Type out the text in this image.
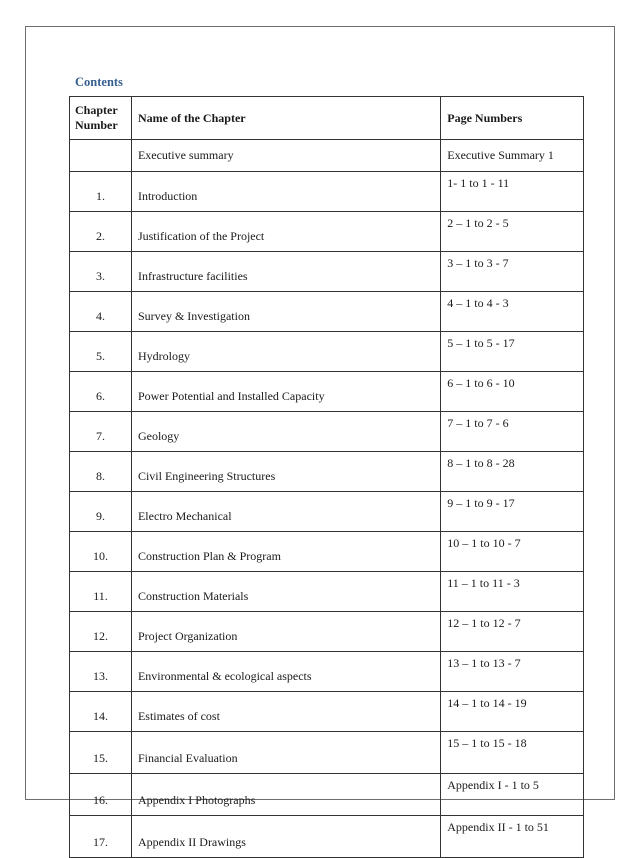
Contents
Chapter Number	Name of the Chapter	Page Numbers
	Executive summary	Executive Summary 1
1.	Introduction	1- 1 to 1 - 11
2.	Justification of the Project	2 – 1 to 2 - 5
3.	Infrastructure facilities	3 – 1 to 3 - 7
4.	Survey & Investigation	4 – 1 to 4 - 3
5.	Hydrology	5 – 1 to 5 - 17
6.	Power Potential and Installed Capacity	6 – 1 to 6 - 10
7.	Geology	7 – 1 to 7 - 6
8.	Civil Engineering Structures	8 – 1 to 8 - 28
9.	Electro Mechanical	9 – 1 to 9 - 17
10.	Construction Plan & Program	10 – 1 to 10 - 7
11.	Construction Materials	11 – 1 to 11 - 3
12.	Project Organization	12 – 1 to 12 - 7
13.	Environmental & ecological aspects	13 – 1 to 13 - 7
14.	Estimates of cost	14 – 1 to 14 - 19
15.	Financial Evaluation	15 – 1 to 15 - 18
16.	Appendix I Photographs	Appendix I - 1 to 5
17.	Appendix II Drawings	Appendix II - 1 to 51
